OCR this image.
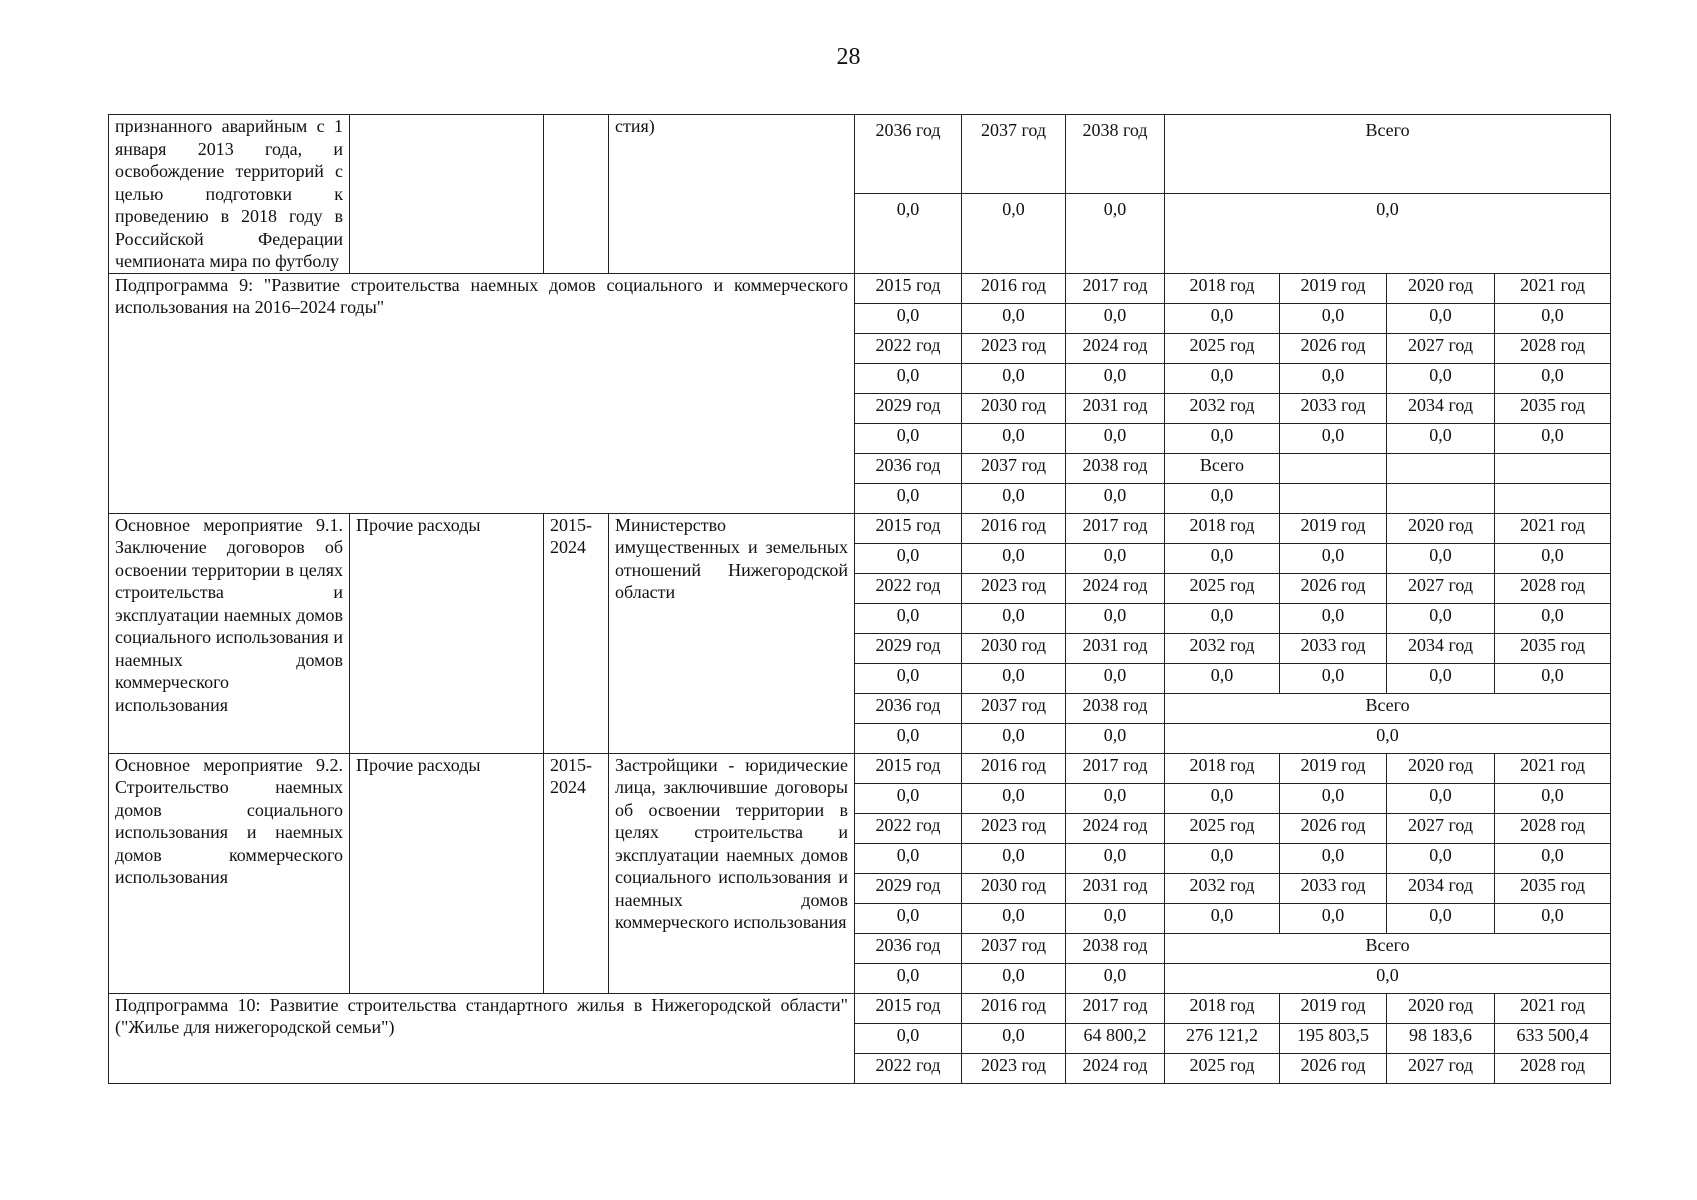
28
признанного аварийным с 1 января 2013 года, и освобождение территорий с целью подготовки к проведению в 2018 году в Российской Федерации чемпионата мира по футболу			стия)	2036 год	2037 год	2038 год	Всего			
				0,0	0,0	0,0	0,0			
Подпрограмма 9: "Развитие строительства наемных домов социального и коммерческого использования на 2016–2024 годы"				2015 год	2016 год	2017 год	2018 год	2019 год	2020 год	2021 год
				0,0	0,0	0,0	0,0	0,0	0,0	0,0
				2022 год	2023 год	2024 год	2025 год	2026 год	2027 год	2028 год
				0,0	0,0	0,0	0,0	0,0	0,0	0,0
				2029 год	2030 год	2031 год	2032 год	2033 год	2034 год	2035 год
				0,0	0,0	0,0	0,0	0,0	0,0	0,0
				2036 год	2037 год	2038 год	Всего			
				0,0	0,0	0,0	0,0			
Основное мероприятие 9.1. Заключение договоров об освоении территории в целях строительства и эксплуатации наемных домов социального использования и наемных домов коммерческого использования	Прочие расходы	2015-2024	Министерство имущественных и земельных отношений Нижегородской области	2015 год	2016 год	2017 год	2018 год	2019 год	2020 год	2021 год
				0,0	0,0	0,0	0,0	0,0	0,0	0,0
				2022 год	2023 год	2024 год	2025 год	2026 год	2027 год	2028 год
				0,0	0,0	0,0	0,0	0,0	0,0	0,0
				2029 год	2030 год	2031 год	2032 год	2033 год	2034 год	2035 год
				0,0	0,0	0,0	0,0	0,0	0,0	0,0
				2036 год	2037 год	2038 год	Всего			
				0,0	0,0	0,0	0,0			
Основное мероприятие 9.2. Строительство наемных домов социального использования и наемных домов коммерческого использования	Прочие расходы	2015-2024	Застройщики - юридические лица, заключившие договоры об освоении территории в целях строительства и эксплуатации наемных домов социального использования и наемных домов коммерческого использования	2015 год	2016 год	2017 год	2018 год	2019 год	2020 год	2021 год
				0,0	0,0	0,0	0,0	0,0	0,0	0,0
				2022 год	2023 год	2024 год	2025 год	2026 год	2027 год	2028 год
				0,0	0,0	0,0	0,0	0,0	0,0	0,0
				2029 год	2030 год	2031 год	2032 год	2033 год	2034 год	2035 год
				0,0	0,0	0,0	0,0	0,0	0,0	0,0
				2036 год	2037 год	2038 год	Всего			
				0,0	0,0	0,0	0,0			
Подпрограмма 10: Развитие строительства стандартного жилья в Нижегородской области" ("Жилье для нижегородской семьи")				2015 год	2016 год	2017 год	2018 год	2019 год	2020 год	2021 год
				0,0	0,0	64 800,2	276 121,2	195 803,5	98 183,6	633 500,4
				2022 год	2023 год	2024 год	2025 год	2026 год	2027 год	2028 год
